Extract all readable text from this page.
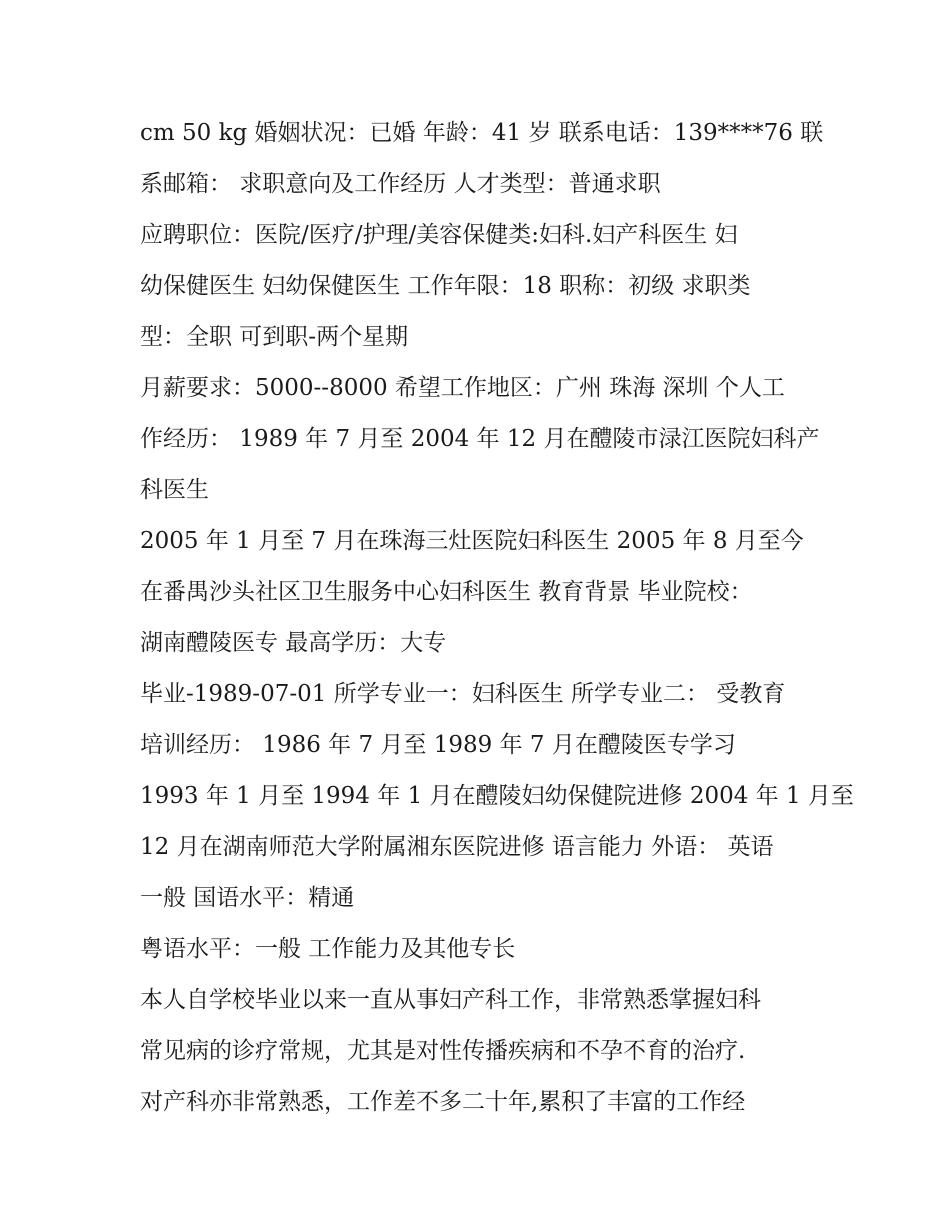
cm 50 kg 婚姻状况：已婚 年龄：41 岁 联系电话：139****76 联
系邮箱： 求职意向及工作经历 人才类型：普通求职
应聘职位：医院/医疗/护理/美容保健类:妇科.妇产科医生 妇
幼保健医生 妇幼保健医生 工作年限：18 职称：初级 求职类
型：全职 可到职-两个星期
月薪要求：5000--8000 希望工作地区：广州 珠海 深圳 个人工
作经历： 1989 年 7 月至 2004 年 12 月在醴陵市渌江医院妇科产
科医生
2005 年 1 月至 7 月在珠海三灶医院妇科医生 2005 年 8 月至今
在番禺沙头社区卫生服务中心妇科医生 教育背景 毕业院校：
湖南醴陵医专 最高学历：大专
毕业-1989-07-01 所学专业一：妇科医生 所学专业二： 受教育
培训经历： 1986 年 7 月至 1989 年 7 月在醴陵医专学习
1993 年 1 月至 1994 年 1 月在醴陵妇幼保健院进修 2004 年 1 月至
12 月在湖南师范大学附属湘东医院进修 语言能力 外语： 英语
一般 国语水平：精通
粤语水平：一般 工作能力及其他专长
本人自学校毕业以来一直从事妇产科工作，非常熟悉掌握妇科
常见病的诊疗常规，尤其是对性传播疾病和不孕不育的治疗.
对产科亦非常熟悉，工作差不多二十年,累积了丰富的工作经
